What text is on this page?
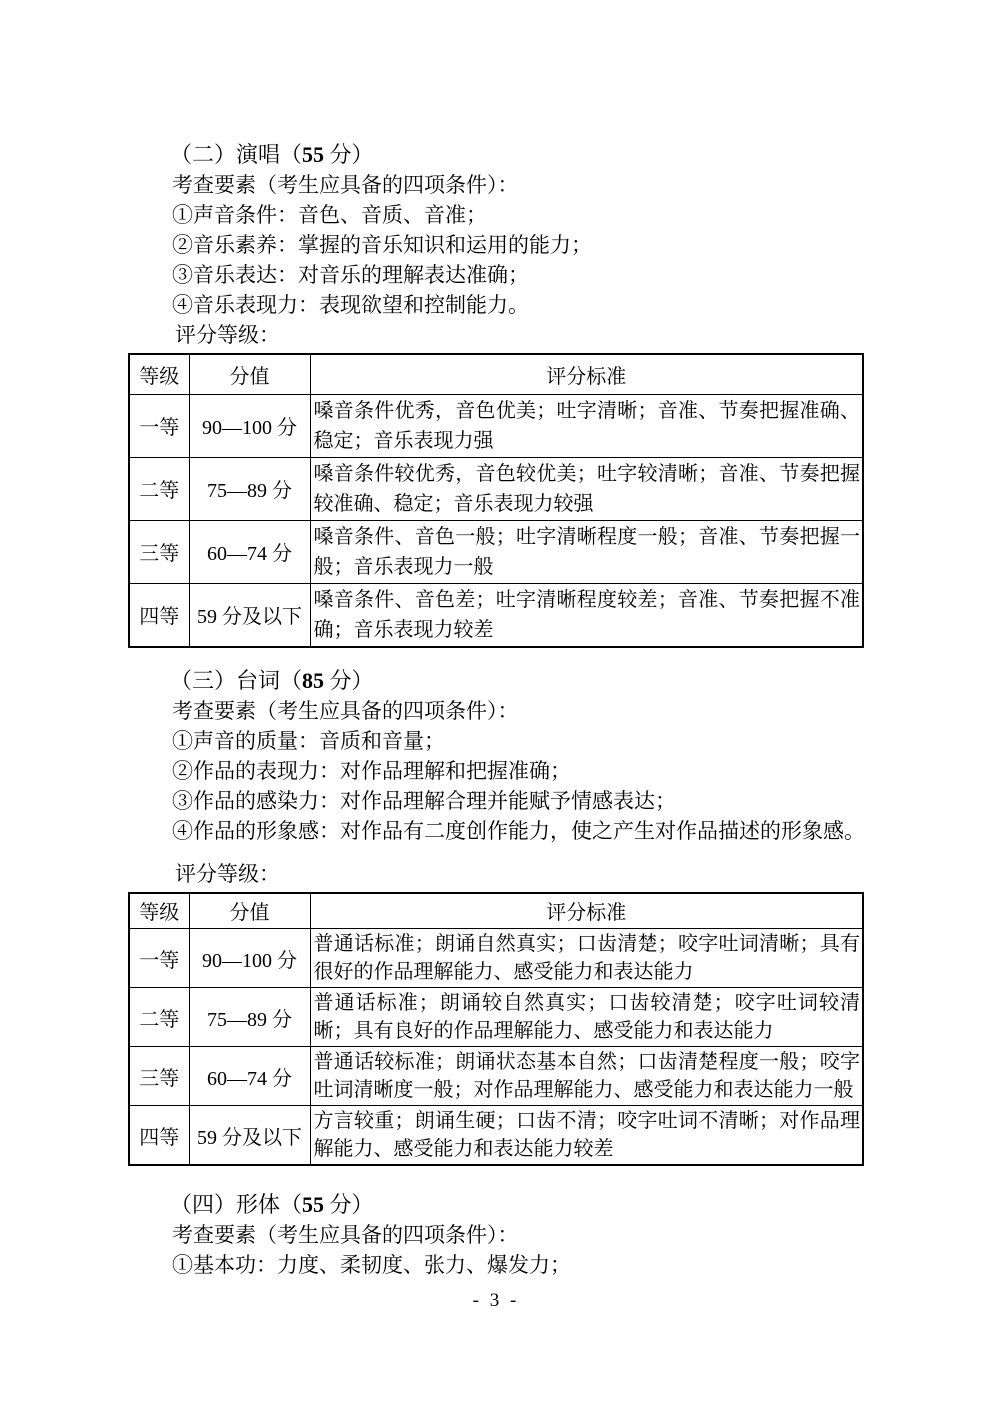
（二）演唱（55 分）

考查要素（考生应具备的四项条件）：

①声音条件：音色、音质、音准；

②音乐素养：掌握的音乐知识和运用的能力；

③音乐表达：对音乐的理解表达准确；

④音乐表现力：表现欲望和控制能力。

评分等级：

等级	分值	评分标准
一等	90—100 分	嗓音条件优秀，音色优美；吐字清晰；音准、节奏把握准确、稳定；音乐表现力强
二等	75—89 分	嗓音条件较优秀，音色较优美；吐字较清晰；音准、节奏把握较准确、稳定；音乐表现力较强
三等	60—74 分	嗓音条件、音色一般；吐字清晰程度一般；音准、节奏把握一般；音乐表现力一般
四等	59 分及以下	嗓音条件、音色差；吐字清晰程度较差；音准、节奏把握不准确；音乐表现力较差
（三）台词（85 分）

考查要素（考生应具备的四项条件）：

①声音的质量：音质和音量；

②作品的表现力：对作品理解和把握准确；

③作品的感染力：对作品理解合理并能赋予情感表达；

④作品的形象感：对作品有二度创作能力，使之产生对作品描述的形象感。

评分等级：

等级	分值	评分标准
一等	90—100 分	普通话标准；朗诵自然真实；口齿清楚；咬字吐词清晰；具有很好的作品理解能力、感受能力和表达能力
二等	75—89 分	普通话标准；朗诵较自然真实；口齿较清楚；咬字吐词较清晰；具有良好的作品理解能力、感受能力和表达能力
三等	60—74 分	普通话较标准；朗诵状态基本自然；口齿清楚程度一般；咬字吐词清晰度一般；对作品理解能力、感受能力和表达能力一般
四等	59 分及以下	方言较重；朗诵生硬；口齿不清；咬字吐词不清晰；对作品理解能力、感受能力和表达能力较差
（四）形体（55 分）

考查要素（考生应具备的四项条件）：

①基本功：力度、柔韧度、张力、爆发力；

- 3 -
